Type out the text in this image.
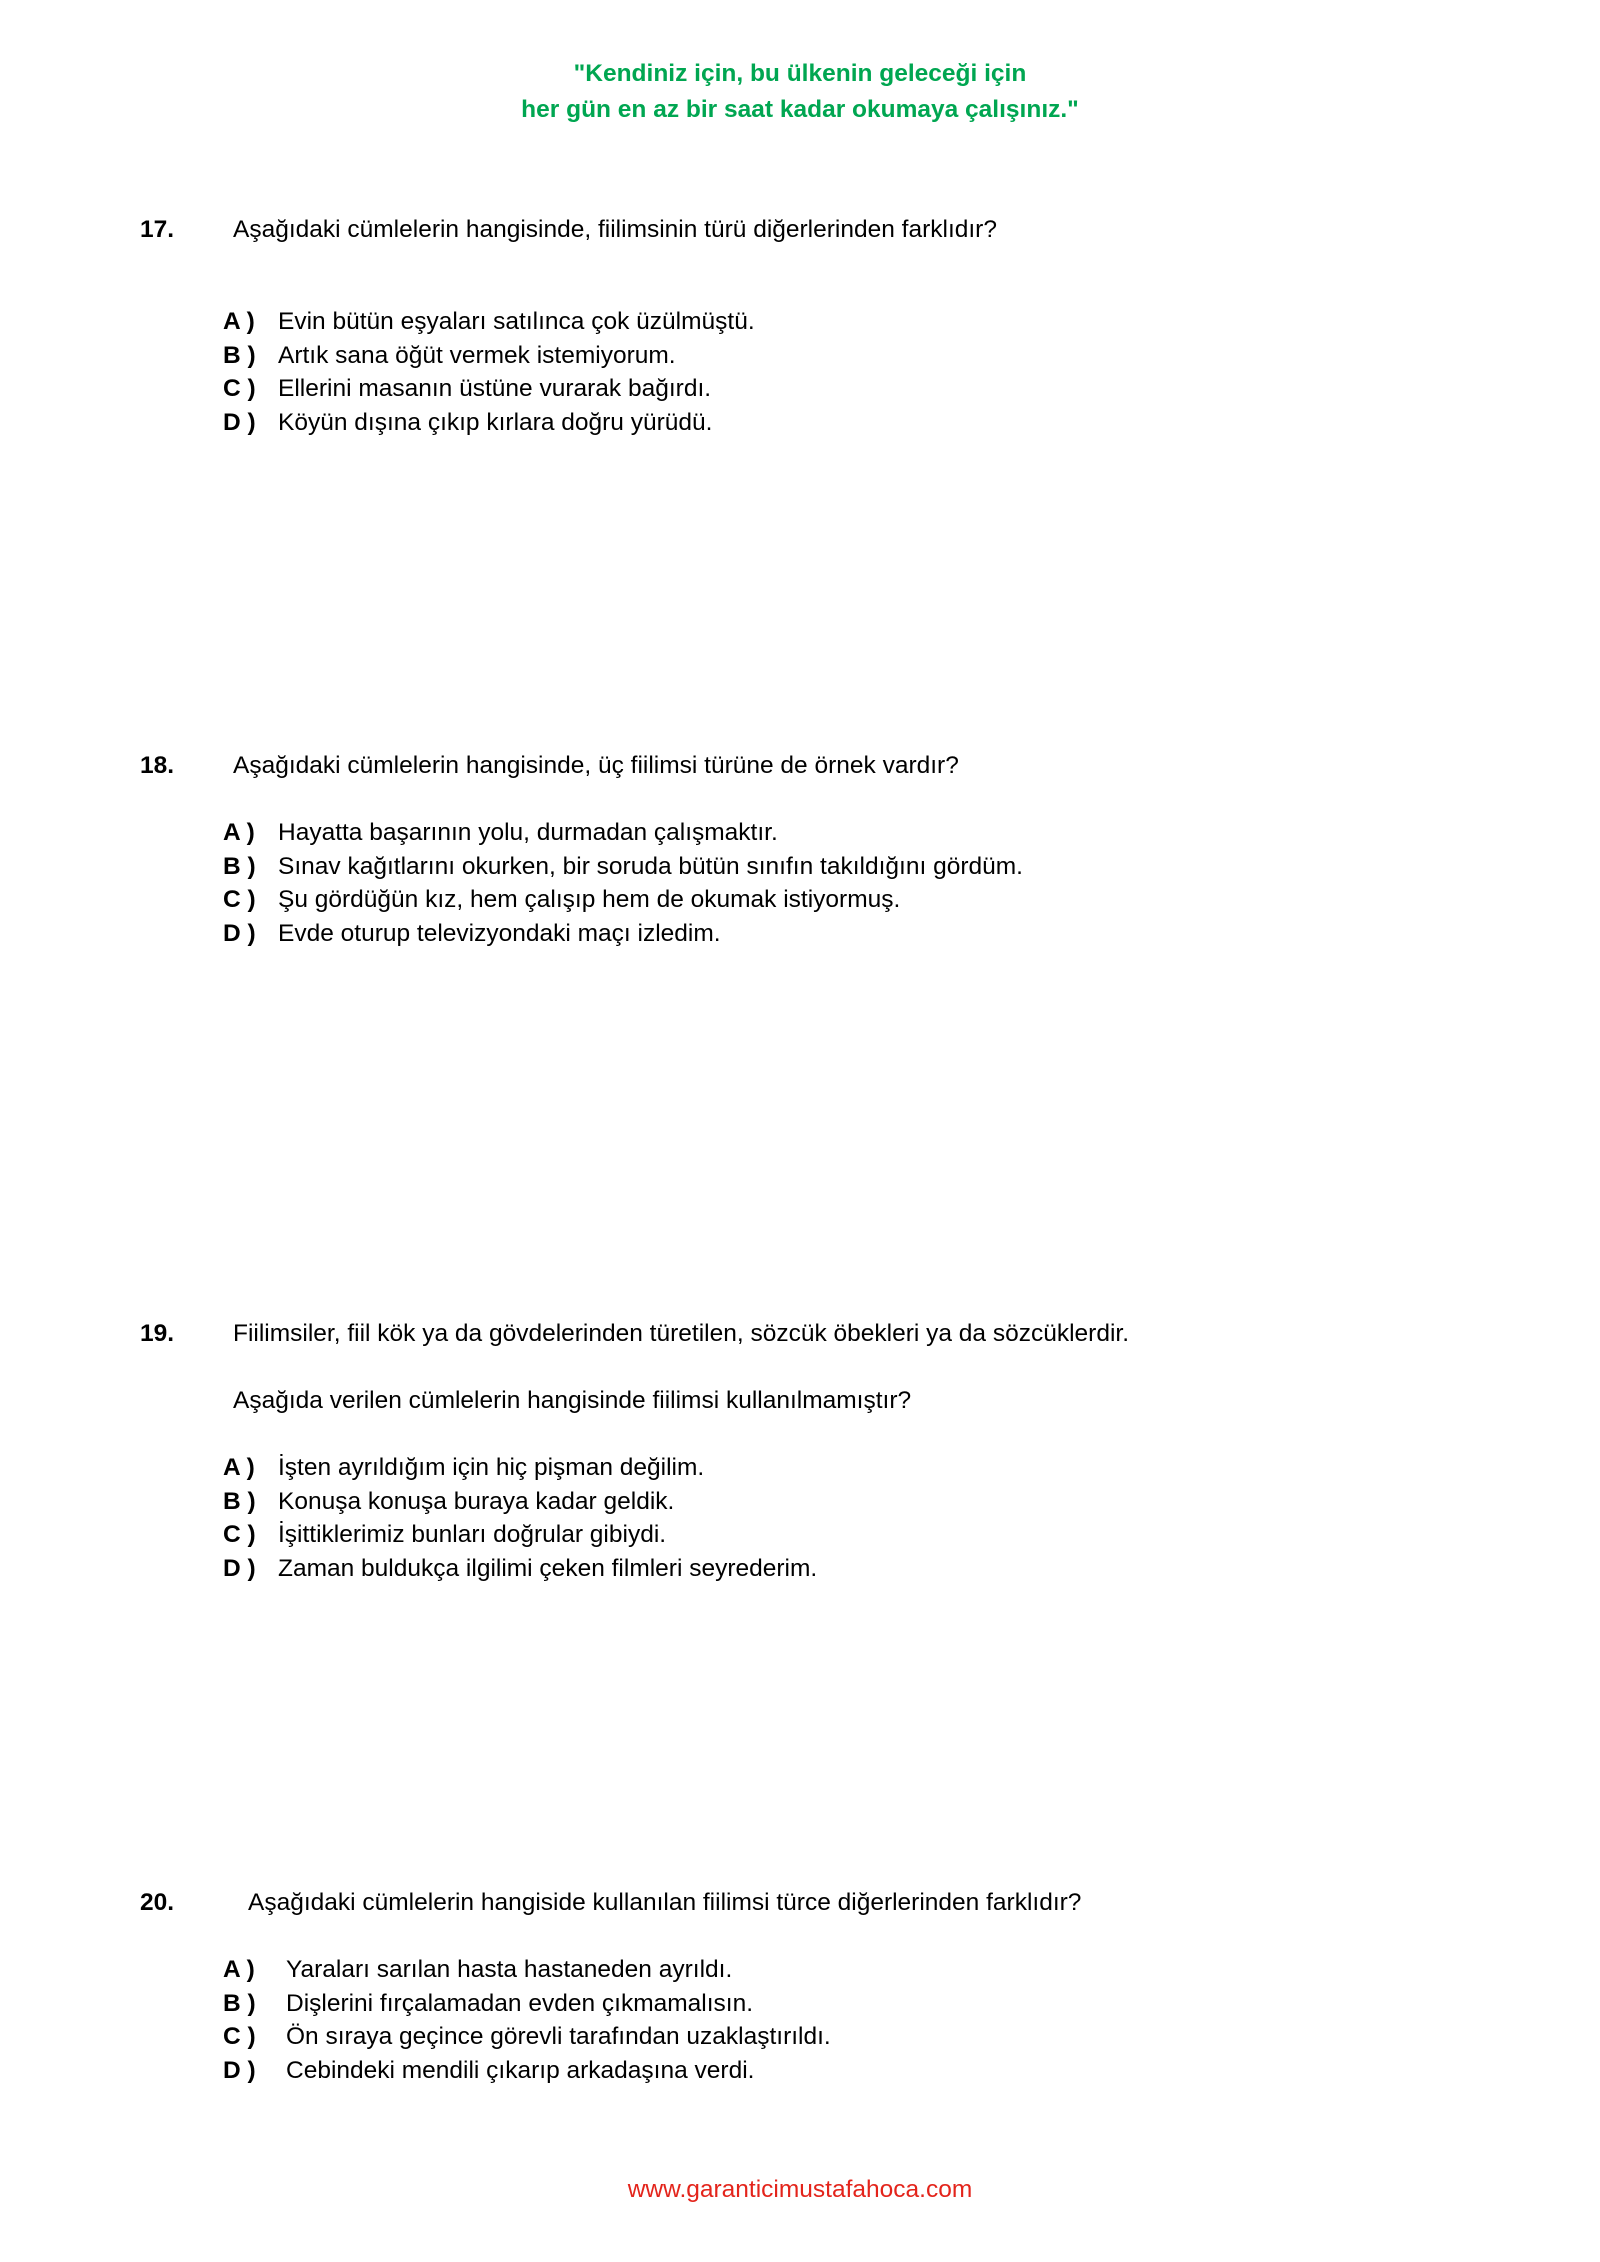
"Kendiniz için, bu ülkenin geleceği için
her gün en az bir saat kadar okumaya çalışınız."
17.	Aşağıdaki cümlelerin hangisinde, fiilimsinin türü diğerlerinden farklıdır?
A ) Evin bütün eşyaları satılınca çok üzülmüştü.
B ) Artık sana öğüt vermek istemiyorum.
C ) Ellerini masanın üstüne vurarak bağırdı.
D ) Köyün dışına çıkıp kırlara doğru yürüdü.
18.	Aşağıdaki cümlelerin hangisinde, üç fiilimsi türüne de örnek vardır?
A ) Hayatta başarının yolu, durmadan çalışmaktır.
B ) Sınav kağıtlarını okurken, bir soruda bütün sınıfın takıldığını gördüm.
C ) Şu gördüğün kız, hem çalışıp hem de okumak istiyormuş.
D ) Evde oturup televizyondaki maçı izledim.
19.	Fiilimsiler, fiil kök ya da gövdelerinden türetilen, sözcük öbekleri ya da sözcüklerdir.
Aşağıda verilen cümlelerin hangisinde fiilimsi kullanılmamıştır?
A ) İşten ayrıldığım için hiç pişman değilim.
B ) Konuşa konuşa buraya kadar geldik.
C ) İşittiklerimiz bunları doğrular gibiydi.
D ) Zaman buldukça ilgilimi çeken filmleri seyrederim.
20.	Aşağıdaki cümlelerin hangiside kullanılan fiilimsi türce diğerlerinden farklıdır?
A )	Yaraları sarılan hasta hastaneden ayrıldı.
B )	Dişlerini fırçalamadan evden çıkmamalısın.
C )	Ön sıraya geçince görevli tarafından uzaklaştırıldı.
D )	Cebindeki mendili çıkarıp arkadaşına verdi.
www.garanticimustafahoca.com
